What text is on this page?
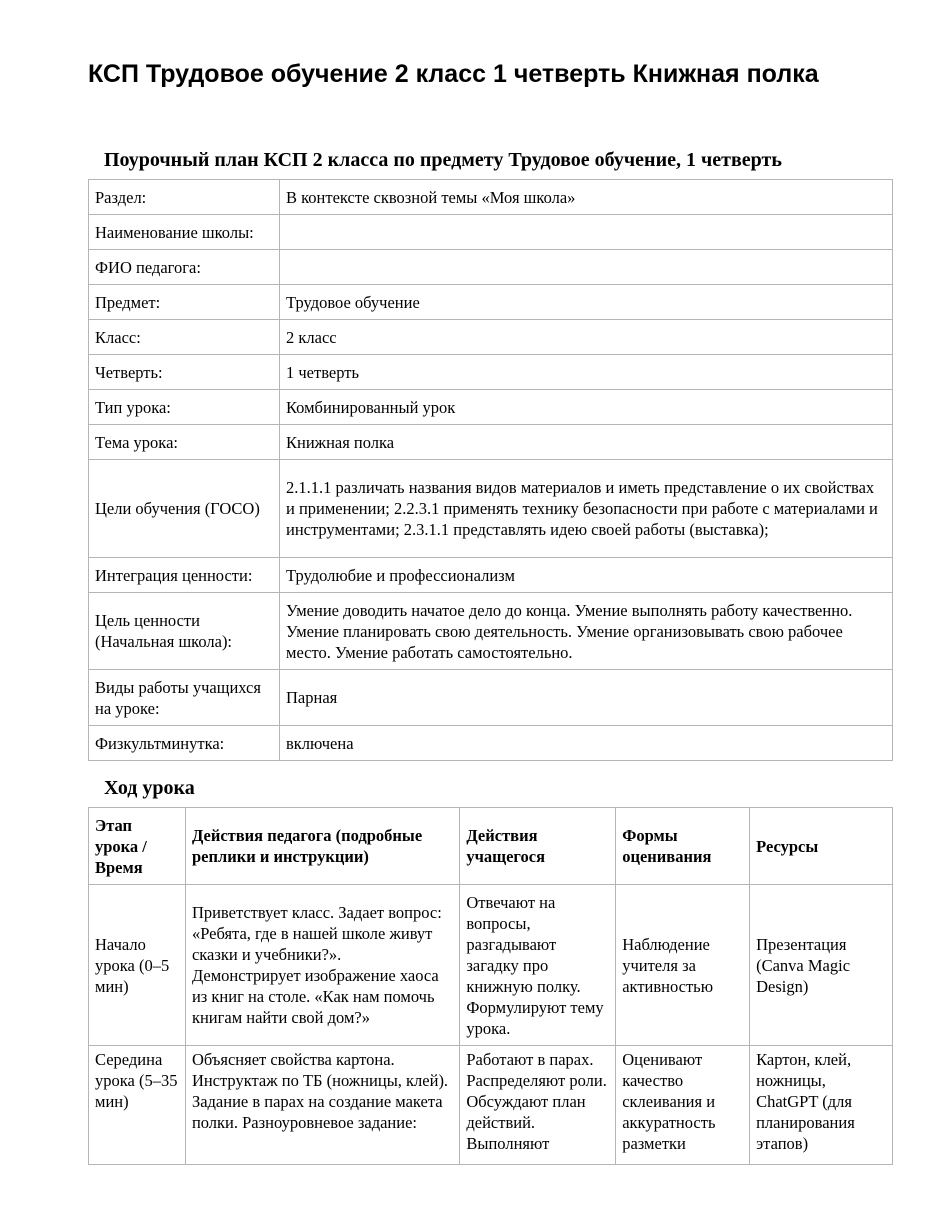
КСП Трудовое обучение 2 класс 1 четверть Книжная полка
Поурочный план КСП 2 класса по предмету Трудовое обучение, 1 четверть
Раздел:	В контексте сквозной темы «Моя школа»
Наименование школы:	
ФИО педагога:	
Предмет:	Трудовое обучение
Класс:	2 класс
Четверть:	1 четверть
Тип урока:	Комбинированный урок
Тема урока:	Книжная полка
Цели обучения (ГОСО)	2.1.1.1 различать названия видов материалов и иметь представление о их свойствах и применении; 2.2.3.1 применять технику безопасности при работе с материалами и инструментами; 2.3.1.1 представлять идею своей работы (выставка);
Интеграция ценности:	Трудолюбие и профессионализм
Цель ценности (Начальная школа):	Умение доводить начатое дело до конца. Умение выполнять работу качественно. Умение планировать свою деятельность. Умение организовывать свою рабочее место. Умение работать самостоятельно.
Виды работы учащихся на уроке:	Парная
Физкультминутка:	включена
Ход урока
Этап урока / Время	Действия педагога (подробные реплики и инструкции)	Действия учащегося	Формы оценивания	Ресурсы
Начало урока (0–5 мин)	Приветствует класс. Задает вопрос: «Ребята, где в нашей школе живут сказки и учебники?». Демонстрирует изображение хаоса из книг на столе. «Как нам помочь книгам найти свой дом?»	Отвечают на вопросы, разгадывают загадку про книжную полку. Формулируют тему урока.	Наблюдение учителя за активностью	Презентация (Canva Magic Design)
Середина урока (5–35 мин)	Объясняет свойства картона. Инструктаж по ТБ (ножницы, клей). Задание в парах на создание макета полки. Разноуровневое задание:	Работают в парах. Распределяют роли. Обсуждают план действий. Выполняют	Оценивают качество склеивания и аккуратность разметки	Картон, клей, ножницы, ChatGPT (для планирования этапов)
